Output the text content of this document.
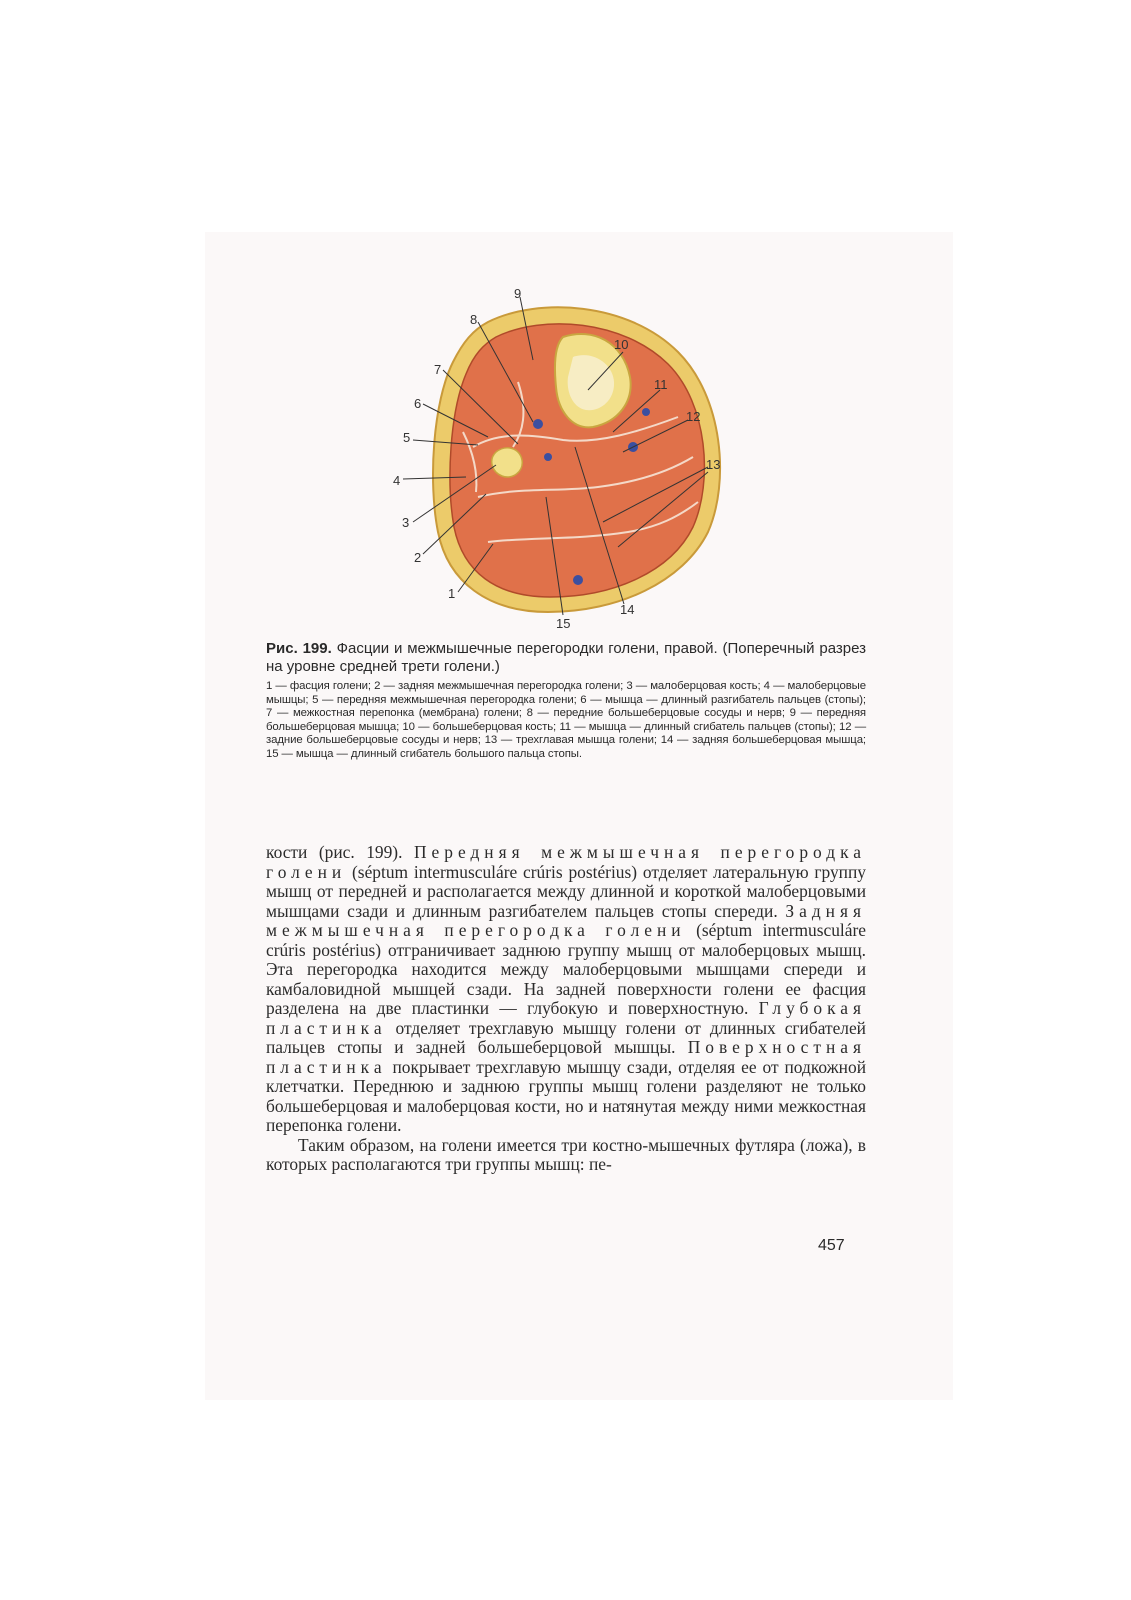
1
2
3
4
5
6
7
8
9
10
11
12
13
14
15
Рис. 199. Фасции и межмышечные перегородки голени, правой. (Поперечный разрез на уровне средней трети голени.)
1 — фасция голени; 2 — задняя межмышечная перегородка голени; 3 — малоберцовая кость; 4 — малоберцовые мышцы; 5 — передняя межмышечная перегородка голени; 6 — мышца — длинный разгибатель пальцев (стопы); 7 — межкостная перепонка (мембрана) голени; 8 — передние большеберцовые сосуды и нерв; 9 — передняя большеберцовая мышца; 10 — большеберцовая кость; 11 — мышца — длинный сгибатель пальцев (стопы); 12 — задние большеберцовые сосуды и нерв; 13 — трехглавая мышца голени; 14 — задняя большеберцовая мышца; 15 — мышца — длинный сгибатель большого пальца стопы.

кости (рис. 199). Передняя межмышечная перегородка голени (séptum intermusculáre crúris postérius) отделяет латеральную группу мышц от передней и располагается между длинной и короткой малоберцовыми мышцами сзади и длинным разгибателем пальцев стопы спереди. Задняя межмышечная перегородка голени (séptum intermusculáre crúris postérius) отграничивает заднюю группу мышц от малоберцовых мышц. Эта перегородка находится между малоберцовыми мышцами спереди и камбаловидной мышцей сзади. На задней поверхности голени ее фасция разделена на две пластинки — глубокую и поверхностную. Глубокая пластинка отделяет трехглавую мышцу голени от длинных сгибателей пальцев стопы и задней большеберцовой мышцы. Поверхностная пластинка покрывает трехглавую мышцу сзади, отделяя ее от подкожной клетчатки. Переднюю и заднюю группы мышц голени разделяют не только большеберцовая и малоберцовая кости, но и натянутая между ними межкостная перепонка голени.

Таким образом, на голени имеется три костно-мышечных футляра (ложа), в которых располагаются три группы мышц: пе-

457
